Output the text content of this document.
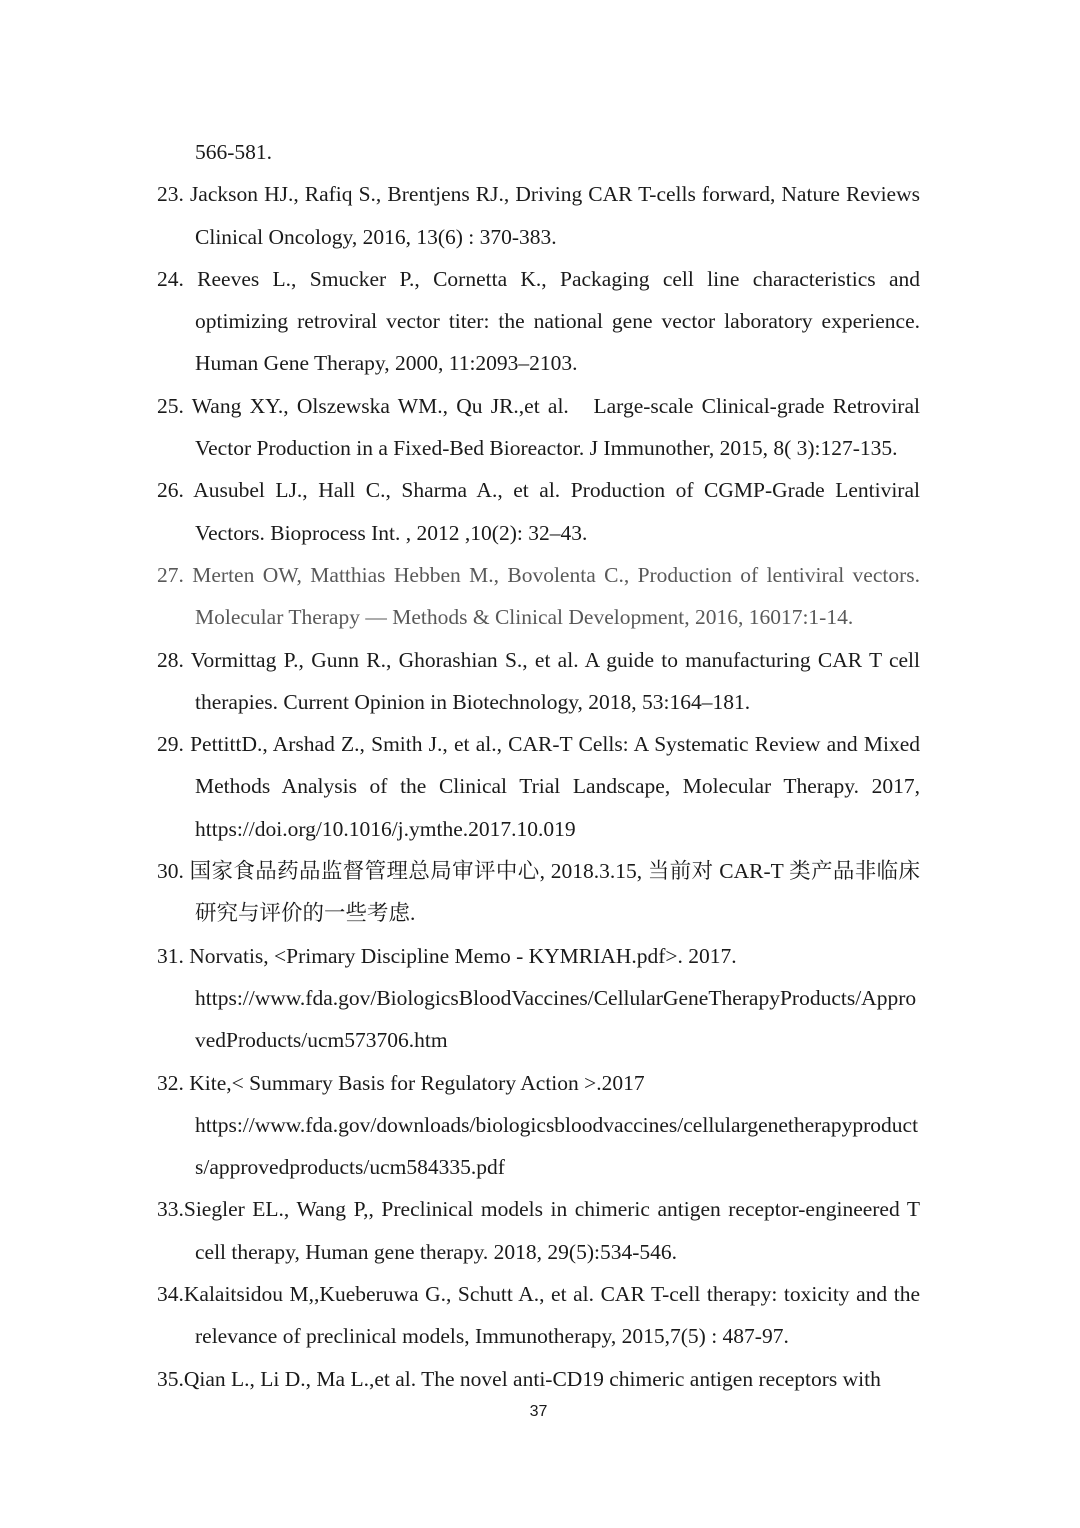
566-581.
23. Jackson HJ., Rafiq S., Brentjens RJ., Driving CAR T-cells forward, Nature Reviews Clinical Oncology, 2016, 13(6) : 370-383.
24. Reeves L., Smucker P., Cornetta K., Packaging cell line characteristics and optimizing retroviral vector titer: the national gene vector laboratory experience. Human Gene Therapy, 2000, 11:2093–2103.
25. Wang XY., Olszewska WM., Qu JR.,et al.   Large-scale Clinical-grade Retroviral Vector Production in a Fixed-Bed Bioreactor. J Immunother, 2015, 8( 3):127-135.
26. Ausubel LJ., Hall C., Sharma A., et al. Production of CGMP-Grade Lentiviral Vectors. Bioprocess Int. , 2012 ,10(2): 32–43.
27. Merten OW, Matthias Hebben M., Bovolenta C., Production of lentiviral vectors. Molecular Therapy — Methods & Clinical Development, 2016, 16017:1-14.
28. Vormittag P., Gunn R., Ghorashian S., et al. A guide to manufacturing CAR T cell therapies. Current Opinion in Biotechnology, 2018, 53:164–181.
29. PettittD., Arshad Z., Smith J., et al., CAR-T Cells: A Systematic Review and Mixed Methods Analysis of the Clinical Trial Landscape, Molecular Therapy. 2017, https://doi.org/10.1016/j.ymthe.2017.10.019
30. 国家食品药品监督管理总局审评中心, 2018.3.15, 当前对 CAR-T 类产品非临床研究与评价的一些考虑.
31. Norvatis, <Primary Discipline Memo - KYMRIAH.pdf>. 2017.
https://www.fda.gov/BiologicsBloodVaccines/CellularGeneTherapyProducts/ApprovedProducts/ucm573706.htm
32. Kite,< Summary Basis for Regulatory Action >.2017
https://www.fda.gov/downloads/biologicsbloodvaccines/cellulargenetherapyproducts/approvedproducts/ucm584335.pdf
33.Siegler EL., Wang P,, Preclinical models in chimeric antigen receptor-engineered T cell therapy, Human gene therapy. 2018, 29(5):534-546.
34.Kalaitsidou M,,Kueberuwa G., Schutt A., et al. CAR T-cell therapy: toxicity and the relevance of preclinical models, Immunotherapy, 2015,7(5) : 487-97.
35.Qian L., Li D., Ma L.,et al. The novel anti-CD19 chimeric antigen receptors with
37
